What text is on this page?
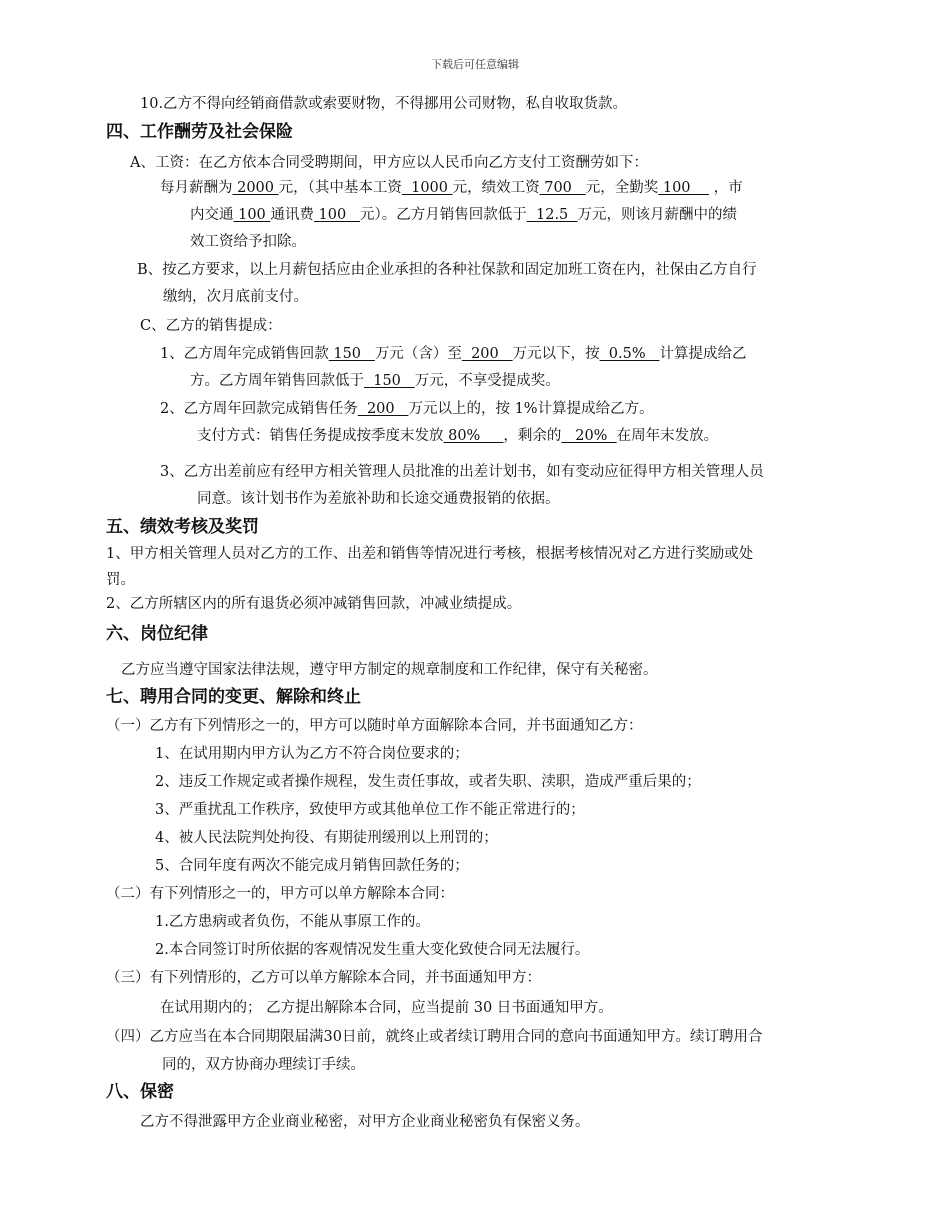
下载后可任意编辑
10.乙方不得向经销商借款或索要财物，不得挪用公司财物，私自收取货款。
四、工作酬劳及社会保险
A、工资：在乙方依本合同受聘期间，甲方应以人民币向乙方支付工资酬劳如下：
每月薪酬为 2000 元，（其中基本工资  1000 元，绩效工资 700   元，全勤奖 100     ，市
内交通 100 通讯费 100   元）。乙方月销售回款低于  12.5  万元，则该月薪酬中的绩
效工资给予扣除。
B、按乙方要求，以上月薪包括应由企业承担的各种社保款和固定加班工资在内，社保由乙方自行
缴纳，次月底前支付。
C、乙方的销售提成：
1、乙方周年完成销售回款 150   万元（含）至  200   万元以下，按  0.5%   计算提成给乙
方。乙方周年销售回款低于  150   万元，不享受提成奖。
2、乙方周年回款完成销售任务  200   万元以上的，按 1%计算提成给乙方。
支付方式：销售任务提成按季度末发放 80%     ，剩余的   20%  在周年末发放。
3、乙方出差前应有经甲方相关管理人员批准的出差计划书，如有变动应征得甲方相关管理人员
同意。该计划书作为差旅补助和长途交通费报销的依据。
五、绩效考核及奖罚
1、甲方相关管理人员对乙方的工作、出差和销售等情况进行考核，根据考核情况对乙方进行奖励或处
罚。
2、乙方所辖区内的所有退货必须冲减销售回款，冲减业绩提成。
六、岗位纪律
乙方应当遵守国家法律法规，遵守甲方制定的规章制度和工作纪律，保守有关秘密。
七、聘用合同的变更、解除和终止
（一）乙方有下列情形之一的，甲方可以随时单方面解除本合同，并书面通知乙方：
1、在试用期内甲方认为乙方不符合岗位要求的；
2、违反工作规定或者操作规程，发生责任事故，或者失职、渎职，造成严重后果的；
3、严重扰乱工作秩序，致使甲方或其他单位工作不能正常进行的；
4、被人民法院判处拘役、有期徒刑缓刑以上刑罚的；
5、合同年度有两次不能完成月销售回款任务的；
（二）有下列情形之一的，甲方可以单方解除本合同：
1.乙方患病或者负伤，不能从事原工作的。
2.本合同签订时所依据的客观情况发生重大变化致使合同无法履行。
（三）有下列情形的，乙方可以单方解除本合同，并书面通知甲方：
在试用期内的； 乙方提出解除本合同，应当提前 30 日书面通知甲方。
（四）乙方应当在本合同期限届满30日前，就终止或者续订聘用合同的意向书面通知甲方。续订聘用合
同的，双方协商办理续订手续。
八、保密
乙方不得泄露甲方企业商业秘密，对甲方企业商业秘密负有保密义务。
